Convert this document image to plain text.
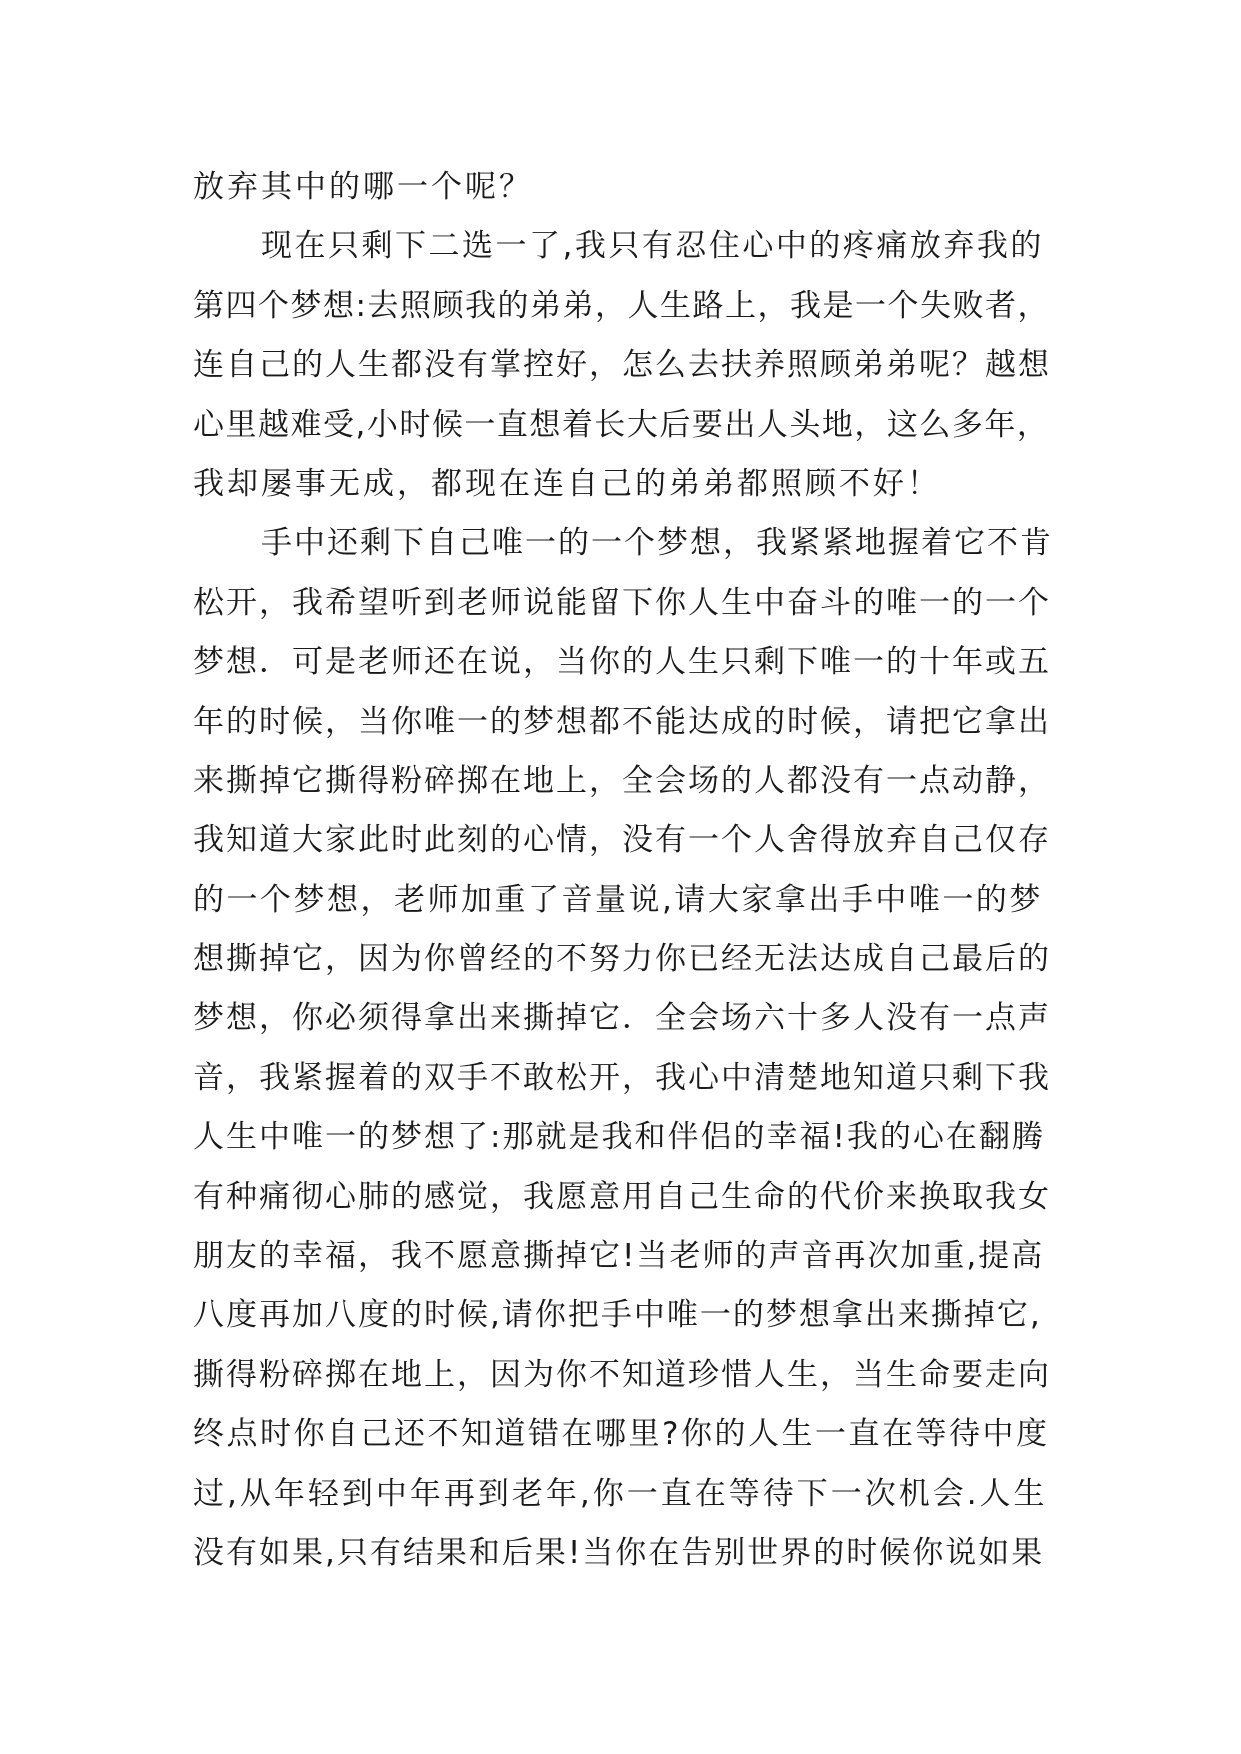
放弃其中的哪一个呢？
现在只剩下二选一了,我只有忍住心中的疼痛放弃我的
第四个梦想:去照顾我的弟弟，人生路上，我是一个失败者，
连自己的人生都没有掌控好，怎么去扶养照顾弟弟呢？越想
心里越难受,小时候一直想着长大后要出人头地，这么多年，
我却屡事无成，都现在连自己的弟弟都照顾不好！
手中还剩下自己唯一的一个梦想，我紧紧地握着它不肯
松开，我希望听到老师说能留下你人生中奋斗的唯一的一个
梦想．可是老师还在说，当你的人生只剩下唯一的十年或五
年的时候，当你唯一的梦想都不能达成的时候，请把它拿出
来撕掉它撕得粉碎掷在地上，全会场的人都没有一点动静，
我知道大家此时此刻的心情，没有一个人舍得放弃自己仅存
的一个梦想，老师加重了音量说,请大家拿出手中唯一的梦
想撕掉它，因为你曾经的不努力你已经无法达成自己最后的
梦想，你必须得拿出来撕掉它．全会场六十多人没有一点声
音，我紧握着的双手不敢松开，我心中清楚地知道只剩下我
人生中唯一的梦想了:那就是我和伴侣的幸福!我的心在翻腾
有种痛彻心肺的感觉，我愿意用自己生命的代价来换取我女
朋友的幸福，我不愿意撕掉它!当老师的声音再次加重,提高
八度再加八度的时候,请你把手中唯一的梦想拿出来撕掉它,
撕得粉碎掷在地上，因为你不知道珍惜人生，当生命要走向
终点时你自己还不知道错在哪里?你的人生一直在等待中度
过,从年轻到中年再到老年,你一直在等待下一次机会.人生
没有如果,只有结果和后果!当你在告别世界的时候你说如果
